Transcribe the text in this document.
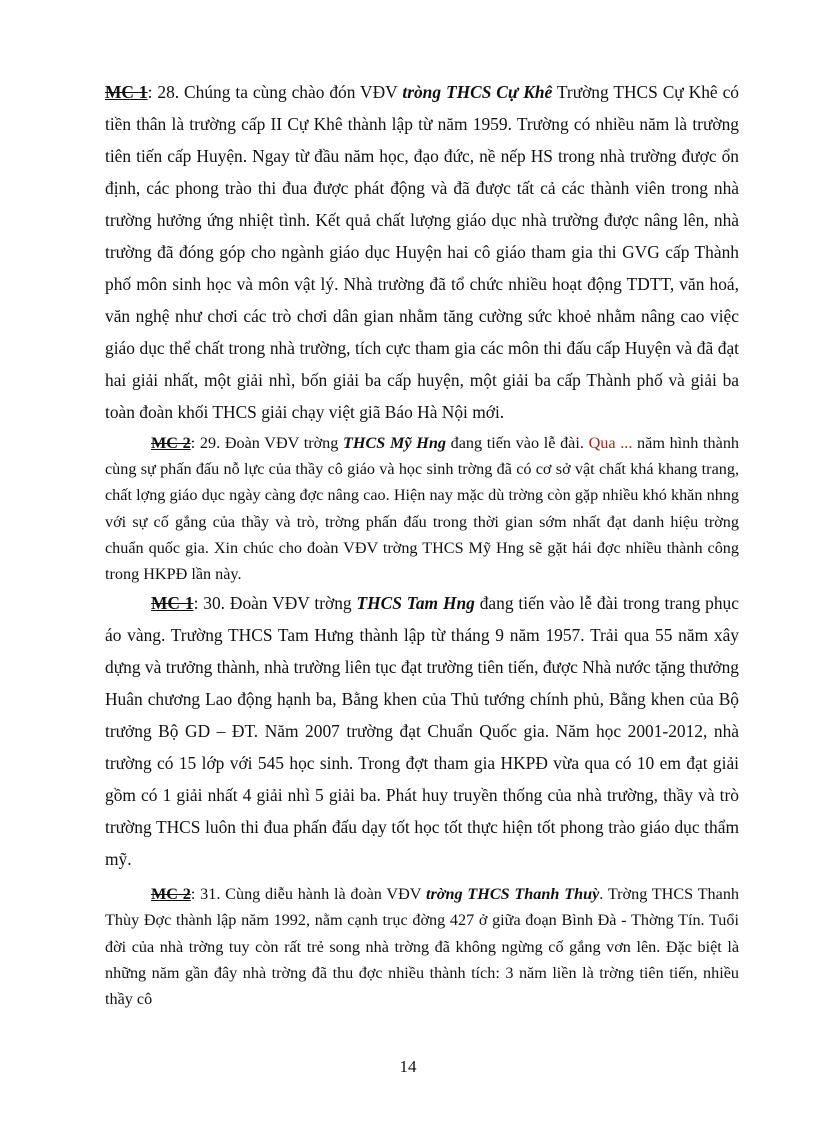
MC 1: 28. Chúng ta cùng chào đón VĐV tròng THCS Cự Khê Trường THCS Cự Khê có tiền thân là trường cấp II Cự Khê thành lập từ năm 1959. Trường có nhiều năm là trường tiên tiến cấp Huyện. Ngay từ đầu năm học, đạo đức, nề nếp HS trong nhà trường được ổn định, các phong trào thi đua được phát động và đã được tất cả các thành viên trong nhà trường hưởng ứng nhiệt tình. Kết quả chất lượng giáo dục nhà trường được nâng lên, nhà trường đã đóng góp cho ngành giáo dục Huyện hai cô giáo tham gia thi GVG cấp Thành phố môn sinh học và môn vật lý. Nhà trường đã tổ chức nhiều hoạt động TDTT, văn hoá, văn nghệ như chơi các trò chơi dân gian nhằm tăng cường sức khoẻ nhằm nâng cao việc giáo dục thể chất trong nhà trường, tích cực tham gia các môn thi đấu cấp Huyện và đã đạt hai giải nhất, một giải nhì, bốn giải ba cấp huyện, một giải ba cấp Thành phố và giải ba toàn đoàn khối THCS giải chạy việt giã Báo Hà Nội mới.

MC 2: 29. Đoàn VĐV trờng THCS Mỹ Hng đang tiến vào lễ đài. Qua ... năm hình thành cùng sự phấn đấu nỗ lực của thầy cô giáo và học sinh trờng đã có cơ sở vật chất khá khang trang, chất lợng giáo dục ngày càng đợc nâng cao. Hiện nay mặc dù trờng còn gặp nhiều khó khăn nhng với sự cố gắng của thầy và trò, trờng phấn đấu trong thời gian sớm nhất đạt danh hiệu trờng chuẩn quốc gia. Xin chúc cho đoàn VĐV trờng THCS Mỹ Hng sẽ gặt hái đợc nhiều thành công trong HKPĐ lần này.

MC 1: 30. Đoàn VĐV trờng THCS Tam Hng đang tiến vào lễ đài trong trang phục áo vàng. Trường THCS Tam Hưng thành lập từ tháng 9 năm 1957. Trải qua 55 năm xây dựng và trưởng thành, nhà trường liên tục đạt trường tiên tiến, được Nhà nước tặng thưởng Huân chương Lao động hạnh ba, Bằng khen của Thủ tướng chính phủ, Bằng khen của Bộ trưởng Bộ GD – ĐT. Năm 2007 trường đạt Chuẩn Quốc gia. Năm học 2001-2012, nhà trường có 15 lớp với 545 học sinh. Trong đợt tham gia HKPĐ vừa qua có 10 em đạt giải gồm có 1 giải nhất 4 giải nhì 5 giải ba. Phát huy truyền thống của nhà trường, thầy và trò trường THCS luôn thi đua phấn đấu dạy tốt học tốt thực hiện tốt phong trào giáo dục thẩm mỹ.

MC 2: 31. Cùng diễu hành là đoàn VĐV trờng THCS Thanh Thuỳ. Trờng THCS Thanh Thùy Đợc thành lập năm 1992, nằm cạnh trục đờng 427 ở giữa đoạn Bình Đà - Thờng Tín. Tuổi đời của nhà trờng tuy còn rất trẻ song nhà trờng đã không ngừng cố gắng vơn lên. Đặc biệt là những năm gần đây nhà trờng đã thu đợc nhiều thành tích: 3 năm liền là trờng tiên tiến, nhiều thầy cô

14
